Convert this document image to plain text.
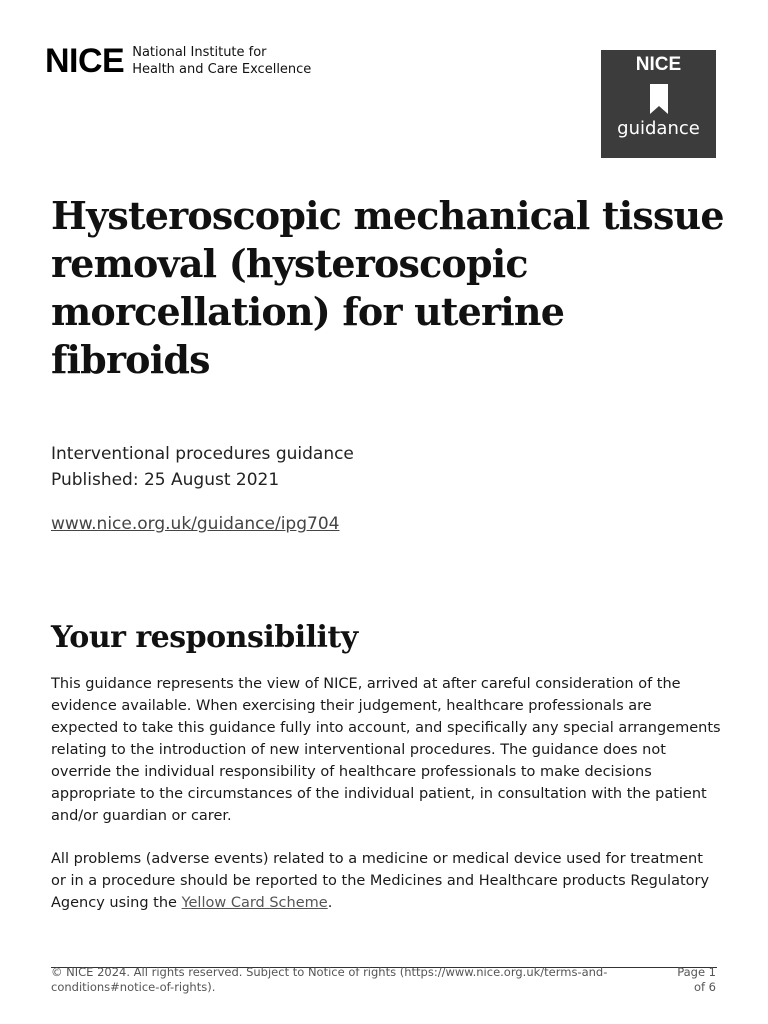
NICE National Institute for
Health and Care Excellence	NICE
guidance
Hysteroscopic mechanical tissue removal (hysteroscopic morcellation) for uterine fibroids
Interventional procedures guidance
Published: 25 August 2021
www.nice.org.uk/guidance/ipg704
Your responsibility

This guidance represents the view of NICE, arrived at after careful consideration of the evidence available. When exercising their judgement, healthcare professionals are expected to take this guidance fully into account, and specifically any special arrangements relating to the introduction of new interventional procedures. The guidance does not override the individual responsibility of healthcare professionals to make decisions appropriate to the circumstances of the individual patient, in consultation with the patient and/or guardian or carer.

All problems (adverse events) related to a medicine or medical device used for treatment or in a procedure should be reported to the Medicines and Healthcare products Regulatory Agency using the Yellow Card Scheme.

© NICE 2024. All rights reserved. Subject to Notice of rights (https://www.nice.org.uk/terms-and-conditions#notice-of-rights).
Page 1 of 6
